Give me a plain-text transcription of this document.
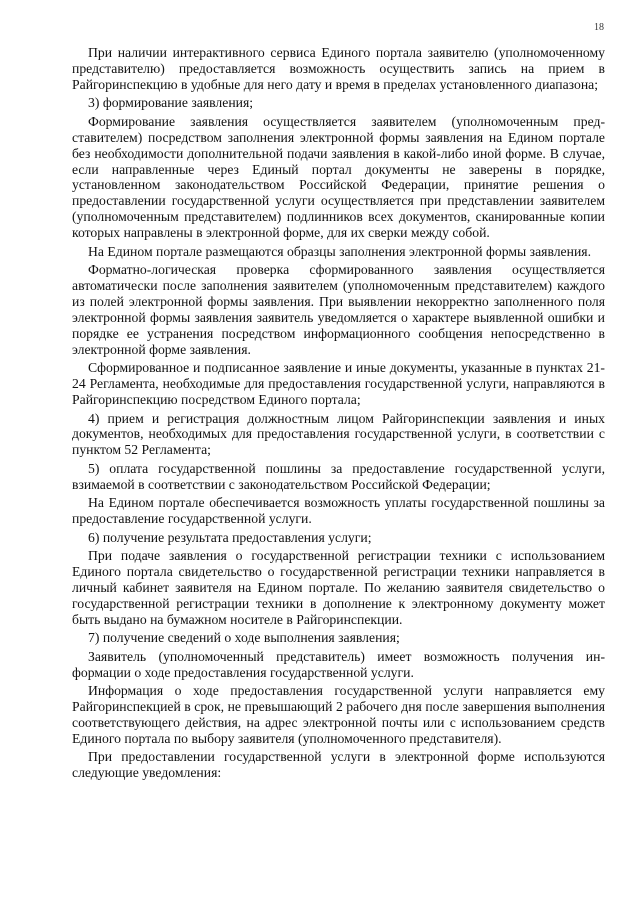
18

При наличии интерактивного сервиса Единого портала заявителю (уполномоченному представителю) предоставляется возможность осуществить запись на прием в Райгоринспекцию в удобные для него дату и время в пределах установленного диапазона;

3) формирование заявления;

Формирование заявления осуществляется заявителем (уполномоченным представителем) посредством заполнения электронной формы заявления на Едином портале без необходимости дополнительной подачи заявления в какой-либо иной форме. В случае, если направленные через Единый портал документы не заверены в порядке, установленном законодательством Российской Федерации, принятие решения о предоставлении государственной услуги осуществляется при представлении заявителем (уполномоченным представителем) подлинников всех документов, сканированные копии которых направлены в электронной форме, для их сверки между собой.

На Едином портале размещаются образцы заполнения электронной формы заявления.

Форматно-логическая проверка сформированного заявления осуществляется автоматически после заполнения заявителем (уполномоченным представителем) каждого из полей электронной формы заявления. При выявлении некорректно заполненного поля электронной формы заявления заявитель уведомляется о характере выявленной ошибки и порядке ее устранения посредством информационного сообщения непосредственно в электронной форме заявления.

Сформированное и подписанное заявление и иные документы, указанные в пунктах 21-24 Регламента, необходимые для предоставления государственной услуги, направляются в Райгоринспекцию посредством Единого портала;

4) прием и регистрация должностным лицом Райгоринспекции заявления и иных документов, необходимых для предоставления государственной услуги, в соответствии с пунктом 52 Регламента;

5) оплата государственной пошлины за предоставление государственной услуги, взимаемой в соответствии с законодательством Российской Федерации;

На Едином портале обеспечивается возможность уплаты государственной пошлины за предоставление государственной услуги.

6) получение результата предоставления услуги;

При подаче заявления о государственной регистрации техники с использованием Единого портала свидетельство о государственной регистрации техники направляется в личный кабинет заявителя на Едином портале. По желанию заявителя свидетельство о государственной регистрации техники в дополнение к электронному документу может быть выдано на бумажном носителе в Райгоринспекции.

7) получение сведений о ходе выполнения заявления;

Заявитель (уполномоченный представитель) имеет возможность получения информации о ходе предоставления государственной услуги.

Информация о ходе предоставления государственной услуги направляется ему Райгоринспекцией в срок, не превышающий 2 рабочего дня после завершения выполнения соответствующего действия, на адрес электронной почты или с использованием средств Единого портала по выбору заявителя (уполномоченного представителя).

При предоставлении государственной услуги в электронной форме используются следующие уведомления:
